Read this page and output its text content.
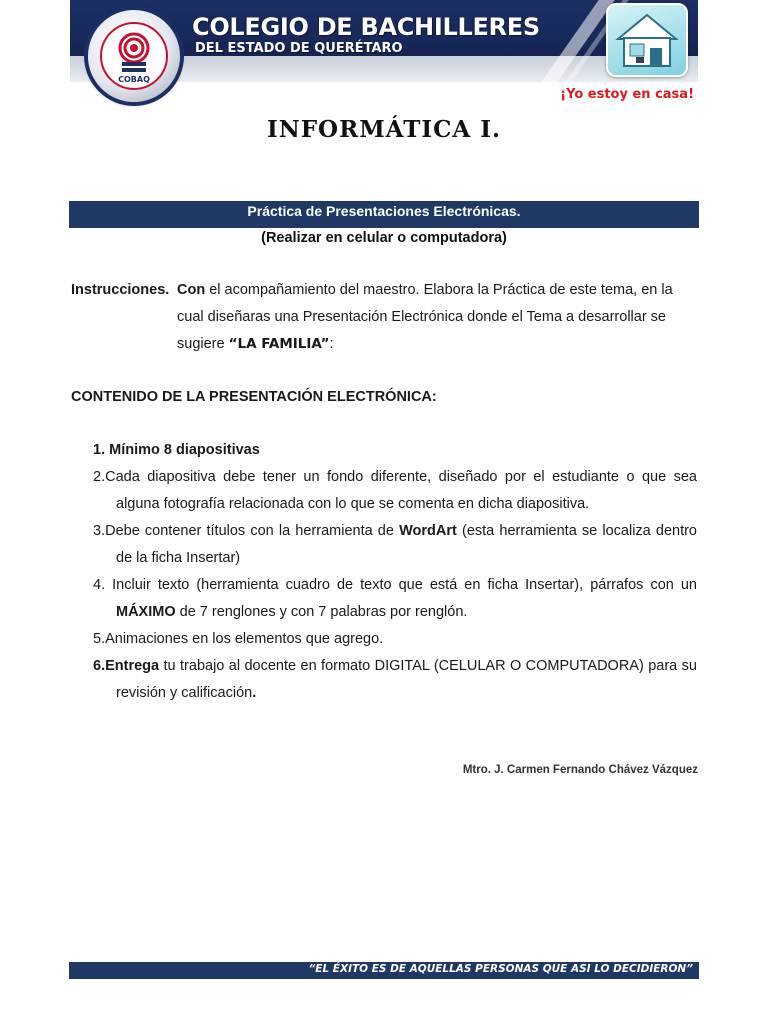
COBAQ
COLEGIO DE BACHILLERES
DEL ESTADO DE QUERÉTARO
¡Yo estoy en casa!
INFORMÁTICA I.
Práctica de Presentaciones Electrónicas.
(Realizar en celular o computadora)
Con el acompañamiento del maestro. Elabora la Práctica de este tema, en la
cual diseñaras una Presentación Electrónica donde el Tema a desarrollar se
sugiere “LA FAMILIA”:
Instrucciones.
CONTENIDO DE LA PRESENTACIÓN ELECTRÓNICA:
1. Mínimo 8 diapositivas
2.Cada diapositiva debe tener un fondo diferente, diseñado por el estudiante o que sea alguna fotografía relacionada con lo que se comenta en dicha diapositiva.
3.Debe contener títulos con la herramienta de WordArt (esta herramienta se localiza dentro de la ficha Insertar)
4. Incluir texto (herramienta cuadro de texto que está en ficha Insertar), párrafos con un MÁXIMO de 7 renglones y con 7 palabras por renglón.
5.Animaciones en los elementos que agrego.
6.Entrega tu trabajo al docente en formato DIGITAL (CELULAR O COMPUTADORA) para su revisión y calificación.
Mtro. J. Carmen Fernando Chávez Vázquez
“EL ÉXITO ES DE AQUELLAS PERSONAS QUE ASI LO DECIDIERON”
